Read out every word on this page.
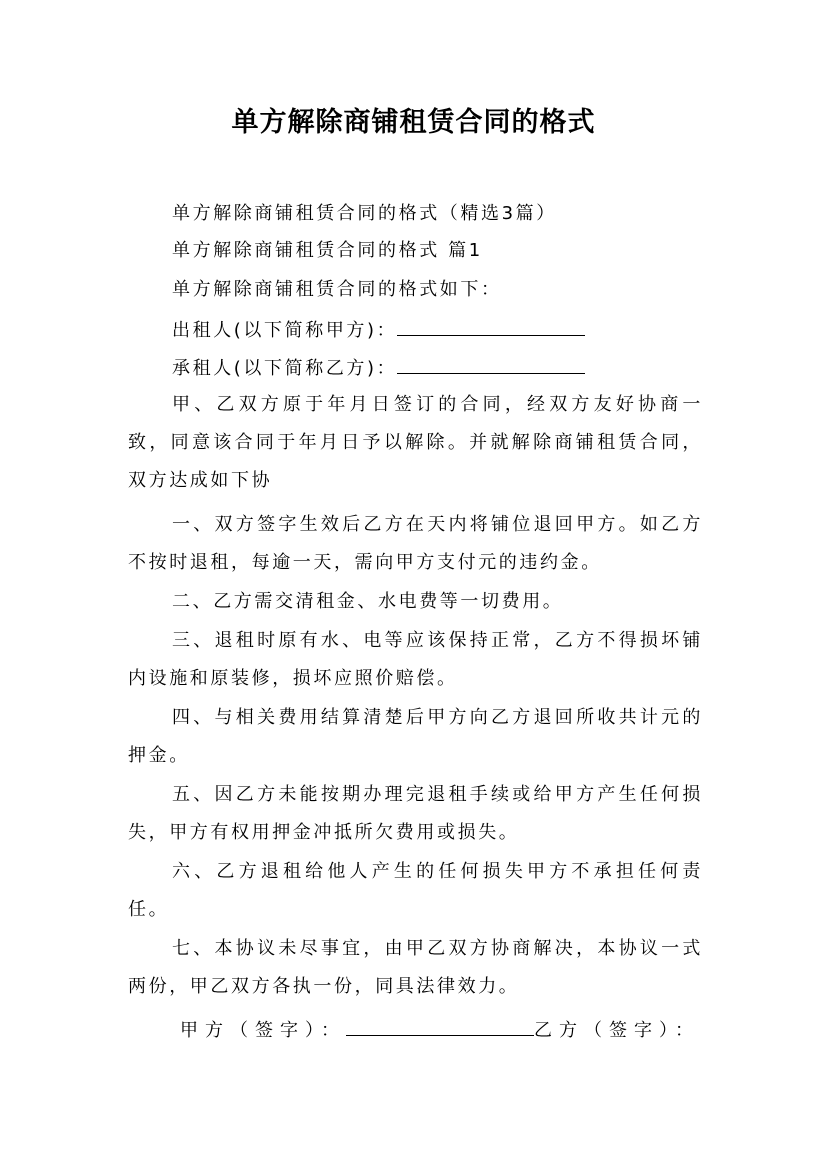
单方解除商铺租赁合同的格式
单方解除商铺租赁合同的格式（精选3篇）
单方解除商铺租赁合同的格式 篇1
单方解除商铺租赁合同的格式如下：
出租人(以下简称甲方)：
承租人(以下简称乙方)：
甲、乙双方原于年月日签订的合同，经双方友好协商一致，同意该合同于年月日予以解除。并就解除商铺租赁合同，双方达成如下协
一、双方签字生效后乙方在天内将铺位退回甲方。如乙方不按时退租，每逾一天，需向甲方支付元的违约金。
二、乙方需交清租金、水电费等一切费用。
三、退租时原有水、电等应该保持正常，乙方不得损坏铺内设施和原装修，损坏应照价赔偿。
四、与相关费用结算清楚后甲方向乙方退回所收共计元的押金。
五、因乙方未能按期办理完退租手续或给甲方产生任何损失，甲方有权用押金冲抵所欠费用或损失。
六、乙方退租给他人产生的任何损失甲方不承担任何责任。
七、本协议未尽事宜，由甲乙双方协商解决，本协议一式两份，甲乙双方各执一份，同具法律效力。
甲方（签字）：	乙方（签字）：
